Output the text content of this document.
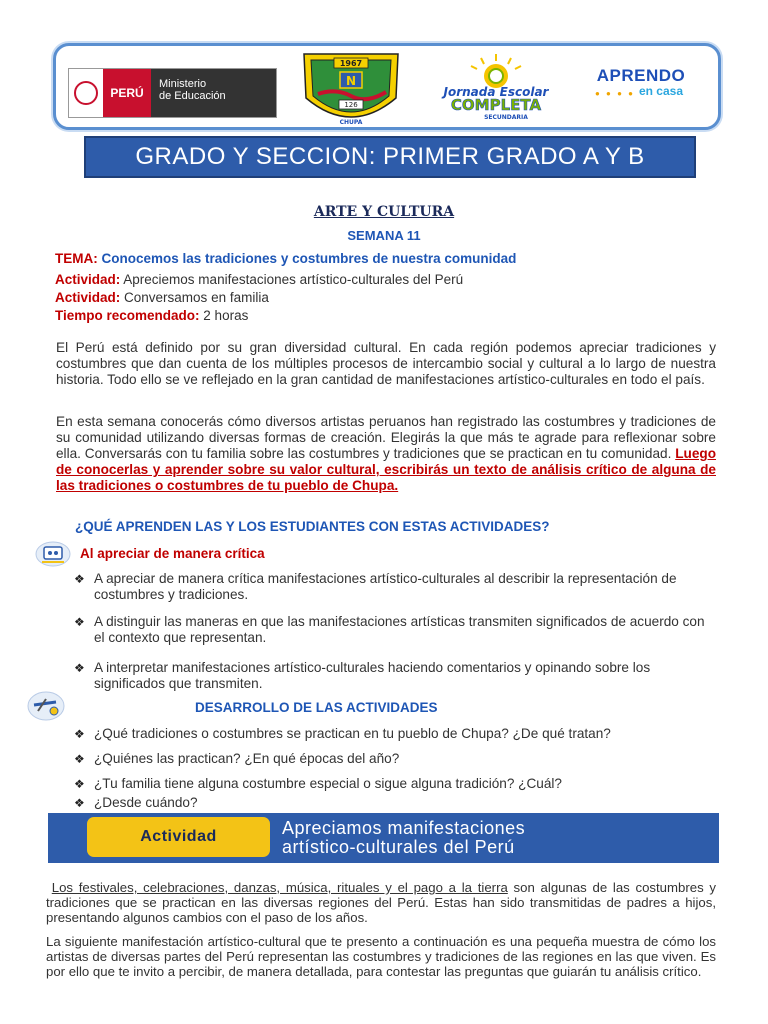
PERÚ
Ministerio
de Educación
1967
N
126
CHUPA
Jornada Escolar
COMPLETA
SECUNDARIA
APRENDO
● ● ● ● en casa
GRADO Y SECCION: PRIMER GRADO A Y B
ARTE Y CULTURA
SEMANA 11
TEMA: Conocemos las tradiciones y costumbres de nuestra comunidad
Actividad: Apreciemos manifestaciones artístico-culturales del Perú
Actividad: Conversamos en familia
Tiempo recomendado: 2 horas
El Perú está definido por su gran diversidad cultural. En cada región podemos apreciar tradiciones y costumbres que dan cuenta de los múltiples procesos de intercambio social y cultural a lo largo de nuestra historia. Todo ello se ve reflejado en la gran cantidad de manifestaciones artístico-culturales en todo el país.
En esta semana conocerás cómo diversos artistas peruanos han registrado las costumbres y tradiciones de su comunidad utilizando diversas formas de creación. Elegirás la que más te agrade para reflexionar sobre ella. Conversarás con tu familia sobre las costumbres y tradiciones que se practican en tu comunidad. Luego de conocerlas y aprender sobre su valor cultural, escribirás un texto de análisis crítico de alguna de las tradiciones o costumbres de tu pueblo de Chupa.
¿QUÉ APRENDEN LAS Y LOS ESTUDIANTES CON ESTAS ACTIVIDADES?
Al apreciar de manera crítica
❖ A apreciar de manera crítica manifestaciones artístico-culturales al describir la representación de costumbres y tradiciones.
❖ A distinguir las maneras en que las manifestaciones artísticas transmiten significados de acuerdo con el contexto que representan.
❖ A interpretar manifestaciones artístico-culturales haciendo comentarios y opinando sobre los significados que transmiten.
DESARROLLO DE LAS ACTIVIDADES
❖ ¿Qué tradiciones o costumbres se practican en tu pueblo de Chupa? ¿De qué tratan?
❖ ¿Quiénes las practican? ¿En qué épocas del año?
❖ ¿Tu familia tiene alguna costumbre especial o sigue alguna tradición? ¿Cuál?
❖ ¿Desde cuándo?
Actividad	Apreciamos manifestaciones
artístico-culturales del Perú
Los festivales, celebraciones, danzas, música, rituales y el pago a la tierra son algunas de las costumbres y tradiciones que se practican en las diversas regiones del Perú. Estas han sido transmitidas de padres a hijos, presentando algunos cambios con el paso de los años.
La siguiente manifestación artístico-cultural que te presento a continuación es una pequeña muestra de cómo los artistas de diversas partes del Perú representan las costumbres y tradiciones de las regiones en las que viven. Es por ello que te invito a percibir, de manera detallada, para contestar las preguntas que guiarán tu análisis crítico.
